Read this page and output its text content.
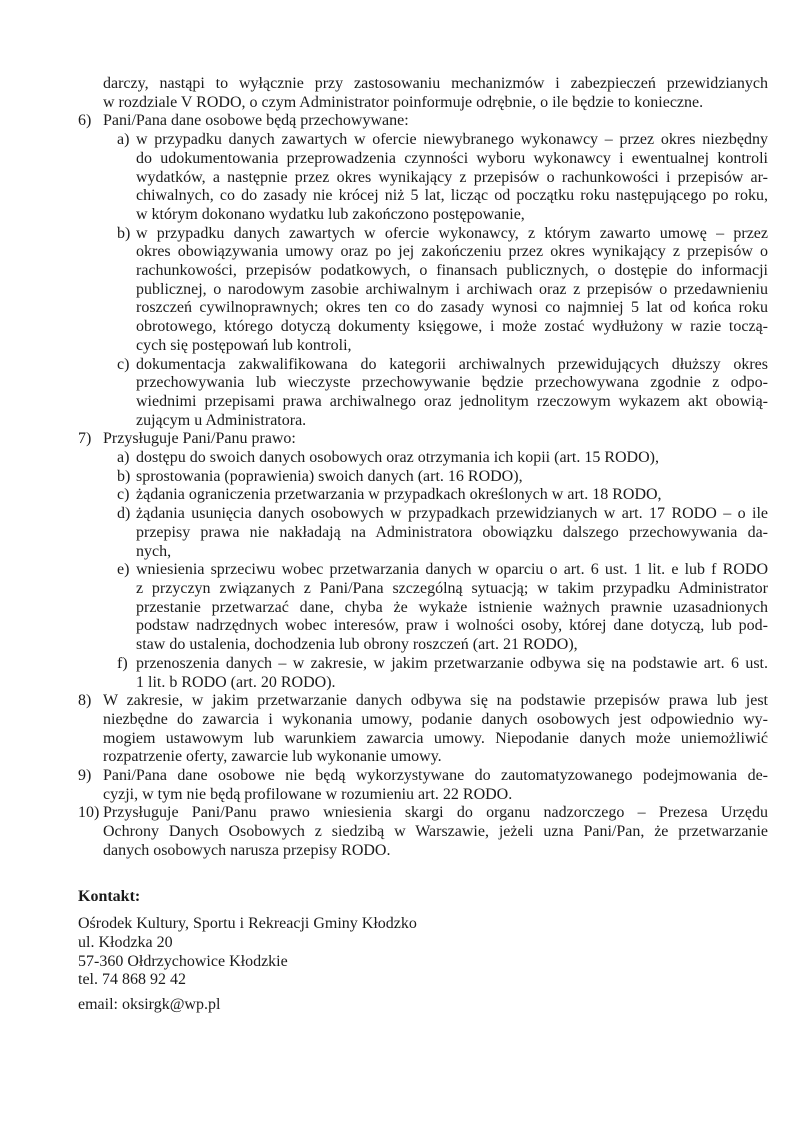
darczy, nastąpi to wyłącznie przy zastosowaniu mechanizmów i zabezpieczeń przewidzianych
w rozdziale V RODO, o czym Administrator poinformuje odrębnie, o ile będzie to konieczne.
6) Pani/Pana dane osobowe będą przechowywane:
a) w przypadku danych zawartych w ofercie niewybranego wykonawcy – przez okres niezbędny
do udokumentowania przeprowadzenia czynności wyboru wykonawcy i ewentualnej kontroli
wydatków, a następnie przez okres wynikający z przepisów o rachunkowości i przepisów ar-
chiwalnych, co do zasady nie krócej niż 5 lat, licząc od początku roku następującego po roku,
w którym dokonano wydatku lub zakończono postępowanie,
b) w przypadku danych zawartych w ofercie wykonawcy, z którym zawarto umowę – przez
okres obowiązywania umowy oraz po jej zakończeniu przez okres wynikający z przepisów o
rachunkowości, przepisów podatkowych, o finansach publicznych, o dostępie do informacji
publicznej, o narodowym zasobie archiwalnym i archiwach oraz z przepisów o przedawnieniu
roszczeń cywilnoprawnych; okres ten co do zasady wynosi co najmniej 5 lat od końca roku
obrotowego, którego dotyczą dokumenty księgowe, i może zostać wydłużony w razie toczą-
cych się postępowań lub kontroli,
c) dokumentacja zakwalifikowana do kategorii archiwalnych przewidujących dłuższy okres
przechowywania lub wieczyste przechowywanie będzie przechowywana zgodnie z odpo-
wiednimi przepisami prawa archiwalnego oraz jednolitym rzeczowym wykazem akt obowią-
zującym u Administratora.
7) Przysługuje Pani/Panu prawo:
a) dostępu do swoich danych osobowych oraz otrzymania ich kopii (art. 15 RODO),
b) sprostowania (poprawienia) swoich danych (art. 16 RODO),
c) żądania ograniczenia przetwarzania w przypadkach określonych w art. 18 RODO,
d) żądania usunięcia danych osobowych w przypadkach przewidzianych w art. 17 RODO – o ile
przepisy prawa nie nakładają na Administratora obowiązku dalszego przechowywania da-
nych,
e) wniesienia sprzeciwu wobec przetwarzania danych w oparciu o art. 6 ust. 1 lit. e lub f RODO
z przyczyn związanych z Pani/Pana szczególną sytuacją; w takim przypadku Administrator
przestanie przetwarzać dane, chyba że wykaże istnienie ważnych prawnie uzasadnionych
podstaw nadrzędnych wobec interesów, praw i wolności osoby, której dane dotyczą, lub pod-
staw do ustalenia, dochodzenia lub obrony roszczeń (art. 21 RODO),
f) przenoszenia danych – w zakresie, w jakim przetwarzanie odbywa się na podstawie art. 6 ust.
1 lit. b RODO (art. 20 RODO).
8) W zakresie, w jakim przetwarzanie danych odbywa się na podstawie przepisów prawa lub jest
niezbędne do zawarcia i wykonania umowy, podanie danych osobowych jest odpowiednio wy-
mogiem ustawowym lub warunkiem zawarcia umowy. Niepodanie danych może uniemożliwić
rozpatrzenie oferty, zawarcie lub wykonanie umowy.
9) Pani/Pana dane osobowe nie będą wykorzystywane do zautomatyzowanego podejmowania de-
cyzji, w tym nie będą profilowane w rozumieniu art. 22 RODO.
10) Przysługuje Pani/Panu prawo wniesienia skargi do organu nadzorczego – Prezesa Urzędu
Ochrony Danych Osobowych z siedzibą w Warszawie, jeżeli uzna Pani/Pan, że przetwarzanie
danych osobowych narusza przepisy RODO.
Kontakt:
Ośrodek Kultury, Sportu i Rekreacji Gminy Kłodzko
ul. Kłodzka 20
57-360 Ołdrzychowice Kłodzkie
tel. 74 868 92 42
email: oksirgk@wp.pl
